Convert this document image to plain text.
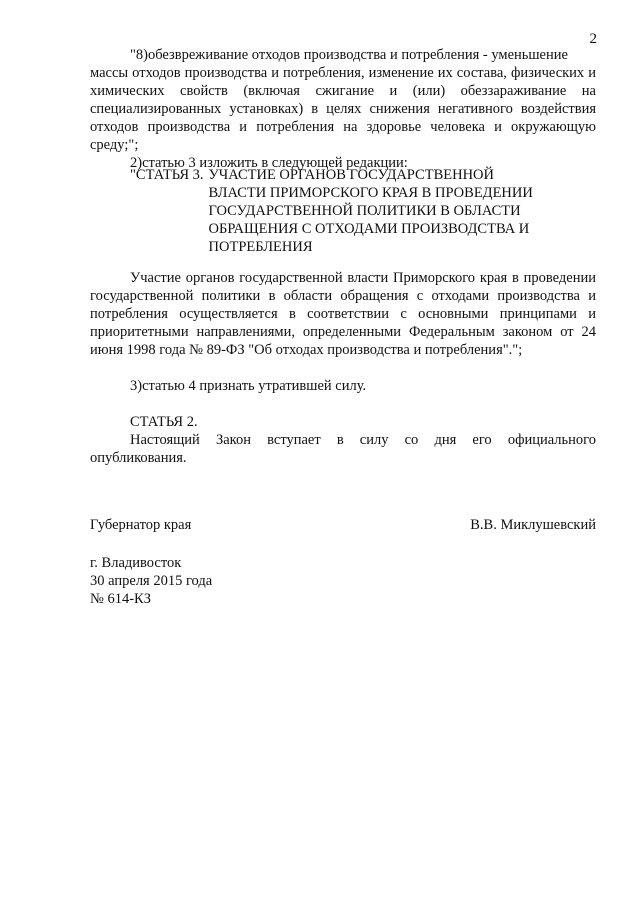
2

"8)обезвреживание отходов производства и потребления - уменьшение

массы отходов производства и потребления, изменение их состава, физических и химических свойств (включая сжигание и (или) обеззараживание на специализированных установках) в целях снижения негативного воздействия отходов производства и потребления на здоровье человека и окружающую среду;";

2)статью 3 изложить в следующей редакции:

"СТАТЬЯ 3. УЧАСТИЕ ОРГАНОВ ГОСУДАРСТВЕННОЙ ВЛАСТИ ПРИМОРСКОГО КРАЯ В ПРОВЕДЕНИИ ГОСУДАРСТВЕННОЙ ПОЛИТИКИ В ОБЛАСТИ ОБРАЩЕНИЯ С ОТХОДАМИ ПРОИЗВОДСТВА И ПОТРЕБЛЕНИЯ

Участие органов государственной власти Приморского края в проведении государственной политики в области обращения с отходами производства и потребления осуществляется в соответствии с основными принципами и приоритетными направлениями, определенными Федеральным законом от 24 июня 1998 года № 89-ФЗ "Об отходах производства и потребления".";

3)статью 4 признать утратившей силу.

СТАТЬЯ 2.

Настоящий Закон вступает в силу со дня его официального опубликования.

Губернатор края	В.В. Миклушевский
г. Владивосток
30 апреля 2015 года
№ 614-КЗ
